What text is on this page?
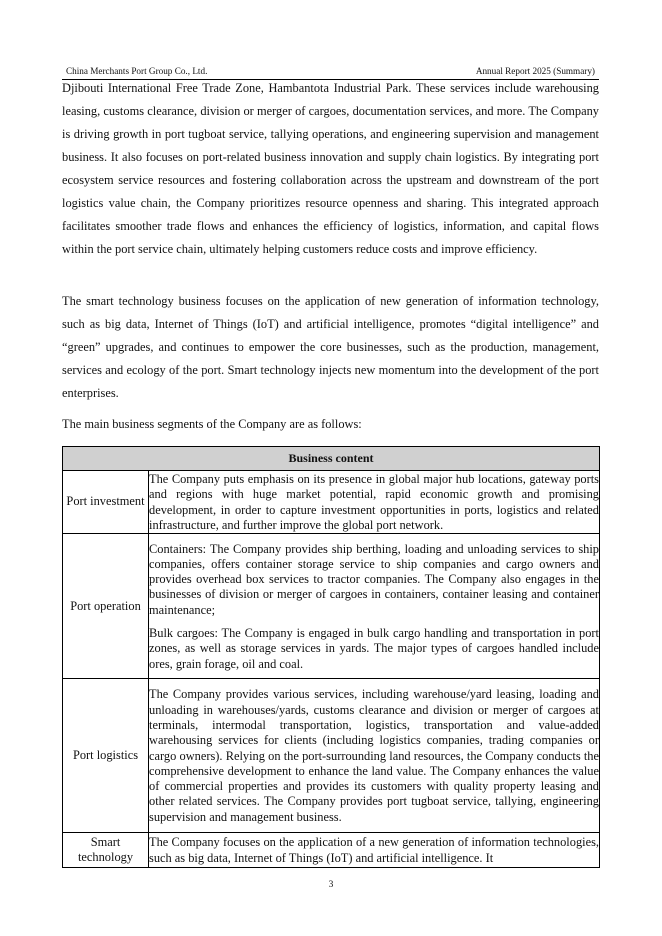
China Merchants Port Group Co., Ltd.	Annual Report 2025 (Summary)

Djibouti International Free Trade Zone, Hambantota Industrial Park. These services include warehousing leasing, customs clearance, division or merger of cargoes, documentation services, and more. The Company is driving growth in port tugboat service, tallying operations, and engineering supervision and management business. It also focuses on port-related business innovation and supply chain logistics. By integrating port ecosystem service resources and fostering collaboration across the upstream and downstream of the port logistics value chain, the Company prioritizes resource openness and sharing. This integrated approach facilitates smoother trade flows and enhances the efficiency of logistics, information, and capital flows within the port service chain, ultimately helping customers reduce costs and improve efficiency.

The smart technology business focuses on the application of new generation of information technology, such as big data, Internet of Things (IoT) and artificial intelligence, promotes “digital intelligence” and “green” upgrades, and continues to empower the core businesses, such as the production, management, services and ecology of the port. Smart technology injects new momentum into the development of the port enterprises.

The main business segments of the Company are as follows:

Business content	
Port investment	The Company puts emphasis on its presence in global major hub locations, gateway ports and regions with huge market potential, rapid economic growth and promising development, in order to capture investment opportunities in ports, logistics and related infrastructure, and further improve the global port network.

Port operation	Containers: The Company provides ship berthing, loading and unloading services to ship companies, offers container storage service to ship companies and cargo owners and provides overhead box services to tractor companies. The Company also engages in the businesses of division or merger of cargoes in containers, container leasing and container maintenance;

Bulk cargoes: The Company is engaged in bulk cargo handling and transportation in port zones, as well as storage services in yards. The major types of cargoes handled include ores, grain forage, oil and coal.

Port logistics	The Company provides various services, including warehouse/yard leasing, loading and unloading in warehouses/yards, customs clearance and division or merger of cargoes at terminals, intermodal transportation, logistics, transportation and value-added warehousing services for clients (including logistics companies, trading companies or cargo owners). Relying on the port-surrounding land resources, the Company conducts the comprehensive development to enhance the land value. The Company enhances the value of commercial properties and provides its customers with quality property leasing and other related services. The Company provides port tugboat service, tallying, engineering supervision and management business.

Smart technology	The Company focuses on the application of a new generation of information technologies, such as big data, Internet of Things (IoT) and artificial intelligence. It

3
